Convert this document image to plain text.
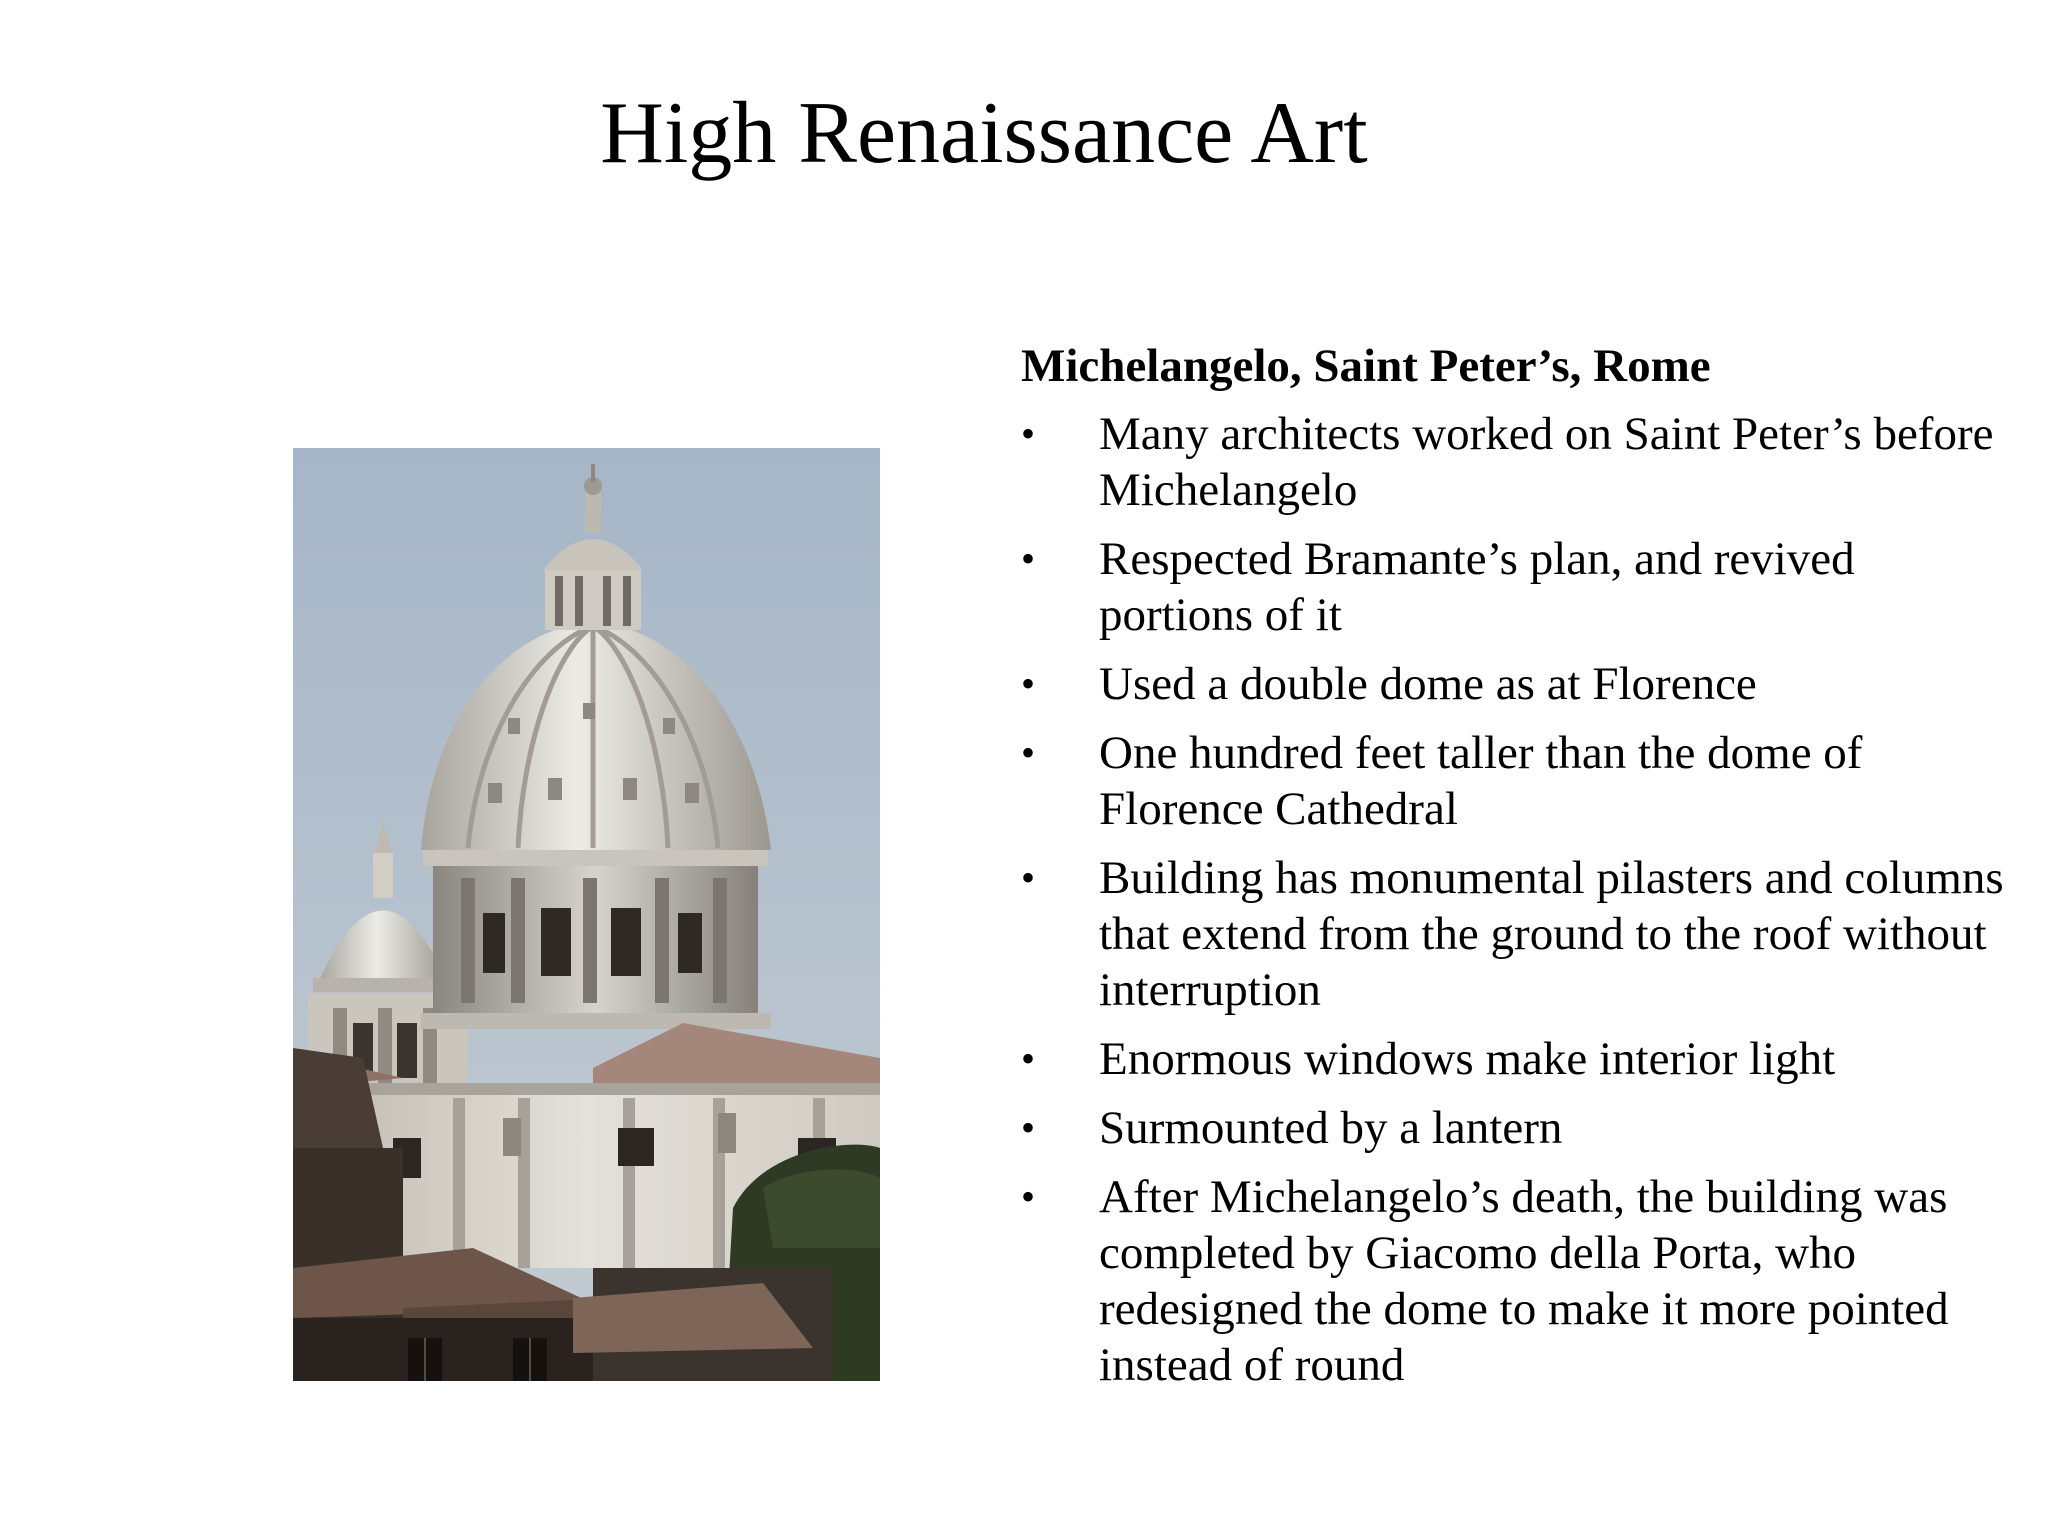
High Renaissance Art
Michelangelo, Saint Peter’s, Rome
•	Many architects worked on Saint Peter’s before Michelangelo
•	Respected Bramante’s plan, and revived portions of it
•	Used a double dome as at Florence
•	One hundred feet taller than the dome of Florence Cathedral
•	Building has monumental pilasters and columns that extend from the ground to the roof without interruption
•	Enormous windows make interior light
•	Surmounted by a lantern
•	After Michelangelo’s death, the building was completed by Giacomo della Porta, who redesigned the dome to make it more pointed instead of round
